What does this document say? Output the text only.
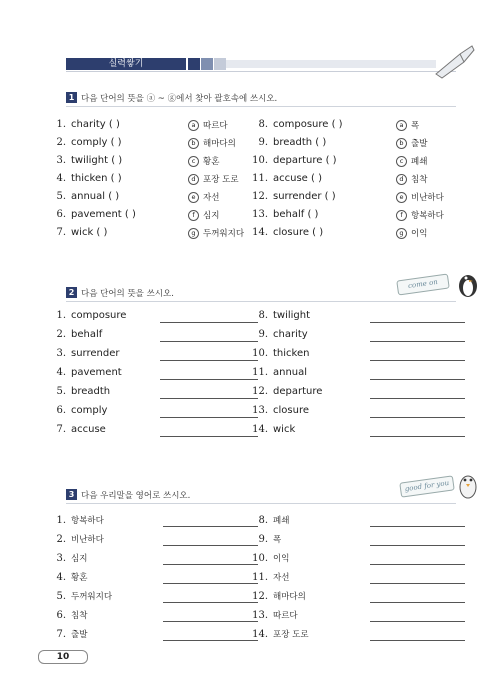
실력쌓기
1 다음 단어의 뜻을 ⓐ ~ ⓖ에서 찾아 괄호속에 쓰시오.
1. charity ( )	a 따르다	8. composure ( )	a 폭
2. comply ( )	b 해마다의	9. breadth ( )	b 출발
3. twilight ( )	c 황혼	10. departure ( )	c 폐쇄
4. thicken ( )	d 포장 도로 11. accuse ( )	d 침착
5. annual ( )	e 자선	12. surrender ( )	e 비난하다
6. pavement ( )	f 심지	13. behalf ( )	f 항복하다
7. wick ( )	g 두꺼워지다 14. closure ( )	g 이익
2 다음 단어의 뜻을 쓰시오.
come on
1. composure	8. twilight
2. behalf	9. charity
3. surrender	10. thicken
4. pavement	11. annual
5. breadth	12. departure
6. comply	13. closure
7. accuse	14. wick
3 다음 우리말을 영어로 쓰시오.
good for you
1. 항복하다	8. 폐쇄
2. 비난하다	9. 폭
3. 심지	10. 이익
4. 황혼	11. 자선
5. 두꺼워지다	12. 해마다의
6. 침착	13. 따르다
7. 출발	14. 포장 도로
10
